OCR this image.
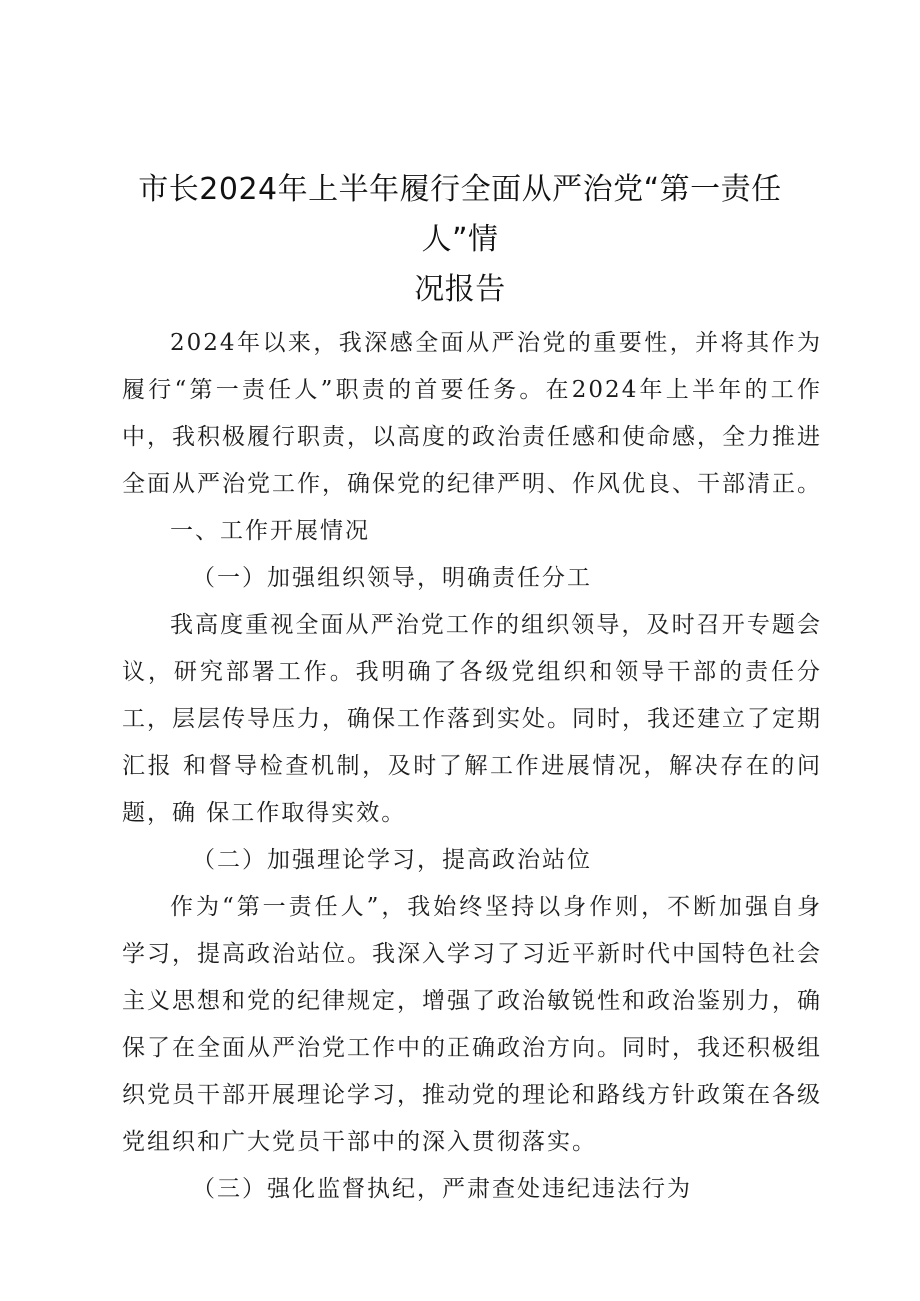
市长2024年上半年履行全面从严治党“第一责任人”情
况报告

2024年以来，我深感全面从严治党的重要性，并将其作为 履行“第一责任人”职责的首要任务。在2024年上半年的工作 中，我积极履行职责，以高度的政治责任感和使命感，全力推进 全面从严治党工作，确保党的纪律严明、作风优良、干部清正。

一、工作开展情况

（一）加强组织领导，明确责任分工

我高度重视全面从严治党工作的组织领导，及时召开专题会 议，研究部署工作。我明确了各级党组织和领导干部的责任分工，层层传导压力，确保工作落到实处。同时，我还建立了定期汇报 和督导检查机制，及时了解工作进展情况，解决存在的问题，确 保工作取得实效。

（二）加强理论学习，提高政治站位

作为“第一责任人”，我始终坚持以身作则，不断加强自身 学习，提高政治站位。我深入学习了习近平新时代中国特色社会 主义思想和党的纪律规定，增强了政治敏锐性和政治鉴别力，确 保了在全面从严治党工作中的正确政治方向。同时，我还积极组 织党员干部开展理论学习，推动党的理论和路线方针政策在各级 党组织和广大党员干部中的深入贯彻落实。

（三）强化监督执纪，严肃查处违纪违法行为
